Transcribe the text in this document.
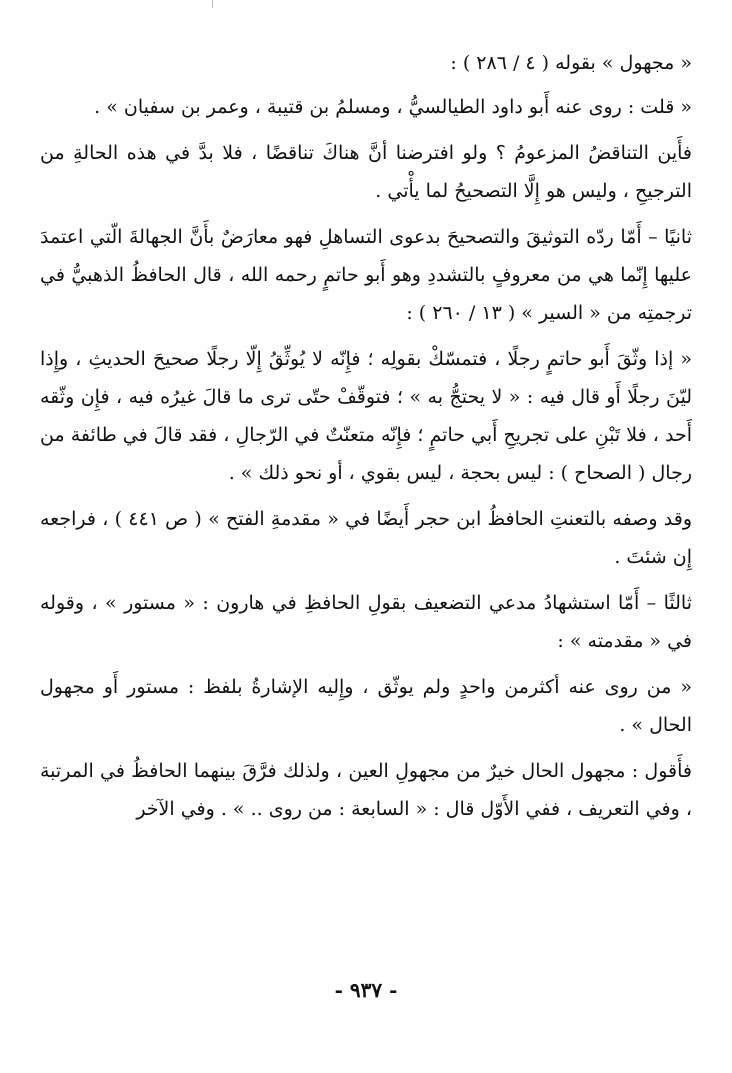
« مجهول » بقوله ( ٤ / ٢٨٦ ) :

« قلت : روى عنه أَبو داود الطيالسيُّ ، ومسلمُ بن قتيبة ، وعمر بن سفيان » .

فأَين التناقضُ المزعومُ ؟ ولو افترضنا أنَّ هناكَ تناقضًا ، فلا بدَّ في هذه الحالةِ من الترجيحِ ، وليس هو إِلَّا التصحيحُ لما يأْتي .

ثانيًا – أَمّا ردّه التوثيقَ والتصحيحَ بدعوى التساهلِ فهو معارَضٌ بأَنَّ الجهالةَ الّتي اعتمدَ عليها إِنّما هي من معروفٍ بالتشددِ وهو أَبو حاتمٍ رحمه الله ، قال الحافظُ الذهبيُّ في ترجمتِه من « السير » ( ١٣ / ٢٦٠ ) :

« إذا وثّقَ أَبو حاتمٍ رجلًا ، فتمسّكْ بقولِه ؛ فإِنّه لا يُوثِّقُ إِلّا رجلًا صحيحَ الحديثِ ، وإِذا ليّنَ رجلًا أَو قال فيه : « لا يحتجُّ به » ؛ فتوقّفْ حتّى ترى ما قالَ غيرُه فيه ، فإِن وثّقه أَحد ، فلا تَبْنِ على تجريحِ أَبي حاتمٍ ؛ فإِنّه متعنّتٌ في الرّجالِ ، فقد قالَ في طائفة من رجال ( الصحاح ) : ليس بحجة ، ليس بقوي ، أو نحو ذلك » .

وقد وصفه بالتعنتِ الحافظُ ابن حجر أَيضًا في « مقدمةِ الفتح » ( ص ٤٤١ ) ، فراجعه إِن شئتَ .

ثالثًا – أَمّا استشهادُ مدعي التضعيف بقولِ الحافظِ في هارون : « مستور » ، وقوله في « مقدمته » :

« من روى عنه أكثرمن واحدٍ ولم يوثّق ، وإِليه الإشارةُ بلفظ : مستور أَو مجهول الحال » .

فأَقول : مجهول الحال خيرٌ من مجهولِ العين ، ولذلك فرَّقَ بينهما الحافظُ في المرتبة ، وفي التعريف ، ففي الأَوّل قال : « السابعة : من روى .. » . وفي الآخر

- ٩٣٧ -
